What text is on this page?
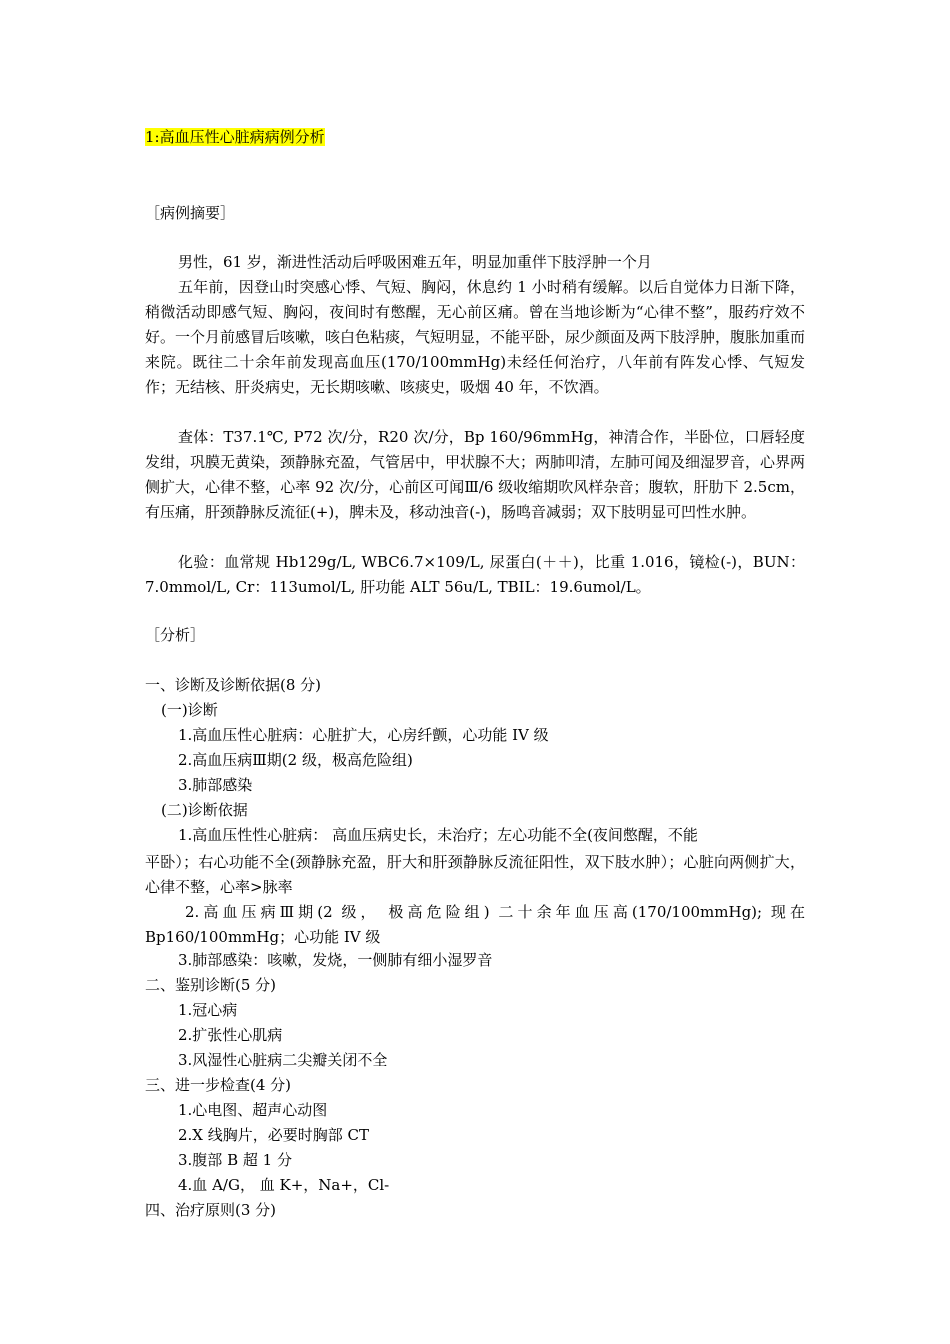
1:高血压性心脏病病例分析
［病例摘要］
男性，61 岁，渐进性活动后呼吸困难五年，明显加重伴下肢浮肿一个月
五年前，因登山时突感心悸、气短、胸闷，休息约 1 小时稍有缓解。以后自觉体力日渐下降，稍微活动即感气短、胸闷，夜间时有憋醒，无心前区痛。曾在当地诊断为“心律不整”，服药疗效不好。一个月前感冒后咳嗽，咳白色粘痰，气短明显，不能平卧，尿少颜面及两下肢浮肿，腹胀加重而来院。既往二十余年前发现高血压(170/100mmHg)未经任何治疗，八年前有阵发心悸、气短发作；无结核、肝炎病史，无长期咳嗽、咳痰史，吸烟 40 年，不饮酒。
查体：T37.1℃, P72 次/分，R20 次/分，Bp 160/96mmHg，神清合作，半卧位，口唇轻度发绀，巩膜无黄染，颈静脉充盈，气管居中，甲状腺不大；两肺叩清，左肺可闻及细湿罗音，心界两侧扩大，心律不整，心率 92 次/分，心前区可闻Ⅲ/6 级收缩期吹风样杂音；腹软，肝肋下 2.5cm，有压痛，肝颈静脉反流征(+)，脾未及，移动浊音(-)，肠鸣音减弱；双下肢明显可凹性水肿。
化验：血常规 Hb129g/L, WBC6.7×109/L, 尿蛋白(＋＋)，比重 1.016，镜检(-)，BUN：7.0mmol/L, Cr：113umol/L, 肝功能 ALT 56u/L, TBIL：19.6umol/L。
［分析］
一、诊断及诊断依据(8 分)
(一)诊断
1.高血压性心脏病：心脏扩大，心房纤颤，心功能 IV 级
2.高血压病Ⅲ期(2 级，极高危险组)
3.肺部感染
(二)诊断依据
1.高血压性性心脏病： 高血压病史长，未治疗；左心功能不全(夜间憋醒，不能
平卧）；右心功能不全(颈静脉充盈，肝大和肝颈静脉反流征阳性，双下肢水肿）；心脏向两侧扩大，心律不整，心率>脉率
2.高血压病Ⅲ期(2 级， 极高危险组) 二十余年血压高(170/100mmHg); 现在 Bp160/100mmHg；心功能 IV 级
3.肺部感染：咳嗽，发烧，一侧肺有细小湿罗音
二、鉴别诊断(5 分)
1.冠心病
2.扩张性心肌病
3.风湿性心脏病二尖瓣关闭不全
三、进一步检查(4 分)
1.心电图、超声心动图
2.X 线胸片，必要时胸部 CT
3.腹部 B 超 1 分
4.血 A/G， 血 K+，Na+，Cl-
四、治疗原则(3 分)
